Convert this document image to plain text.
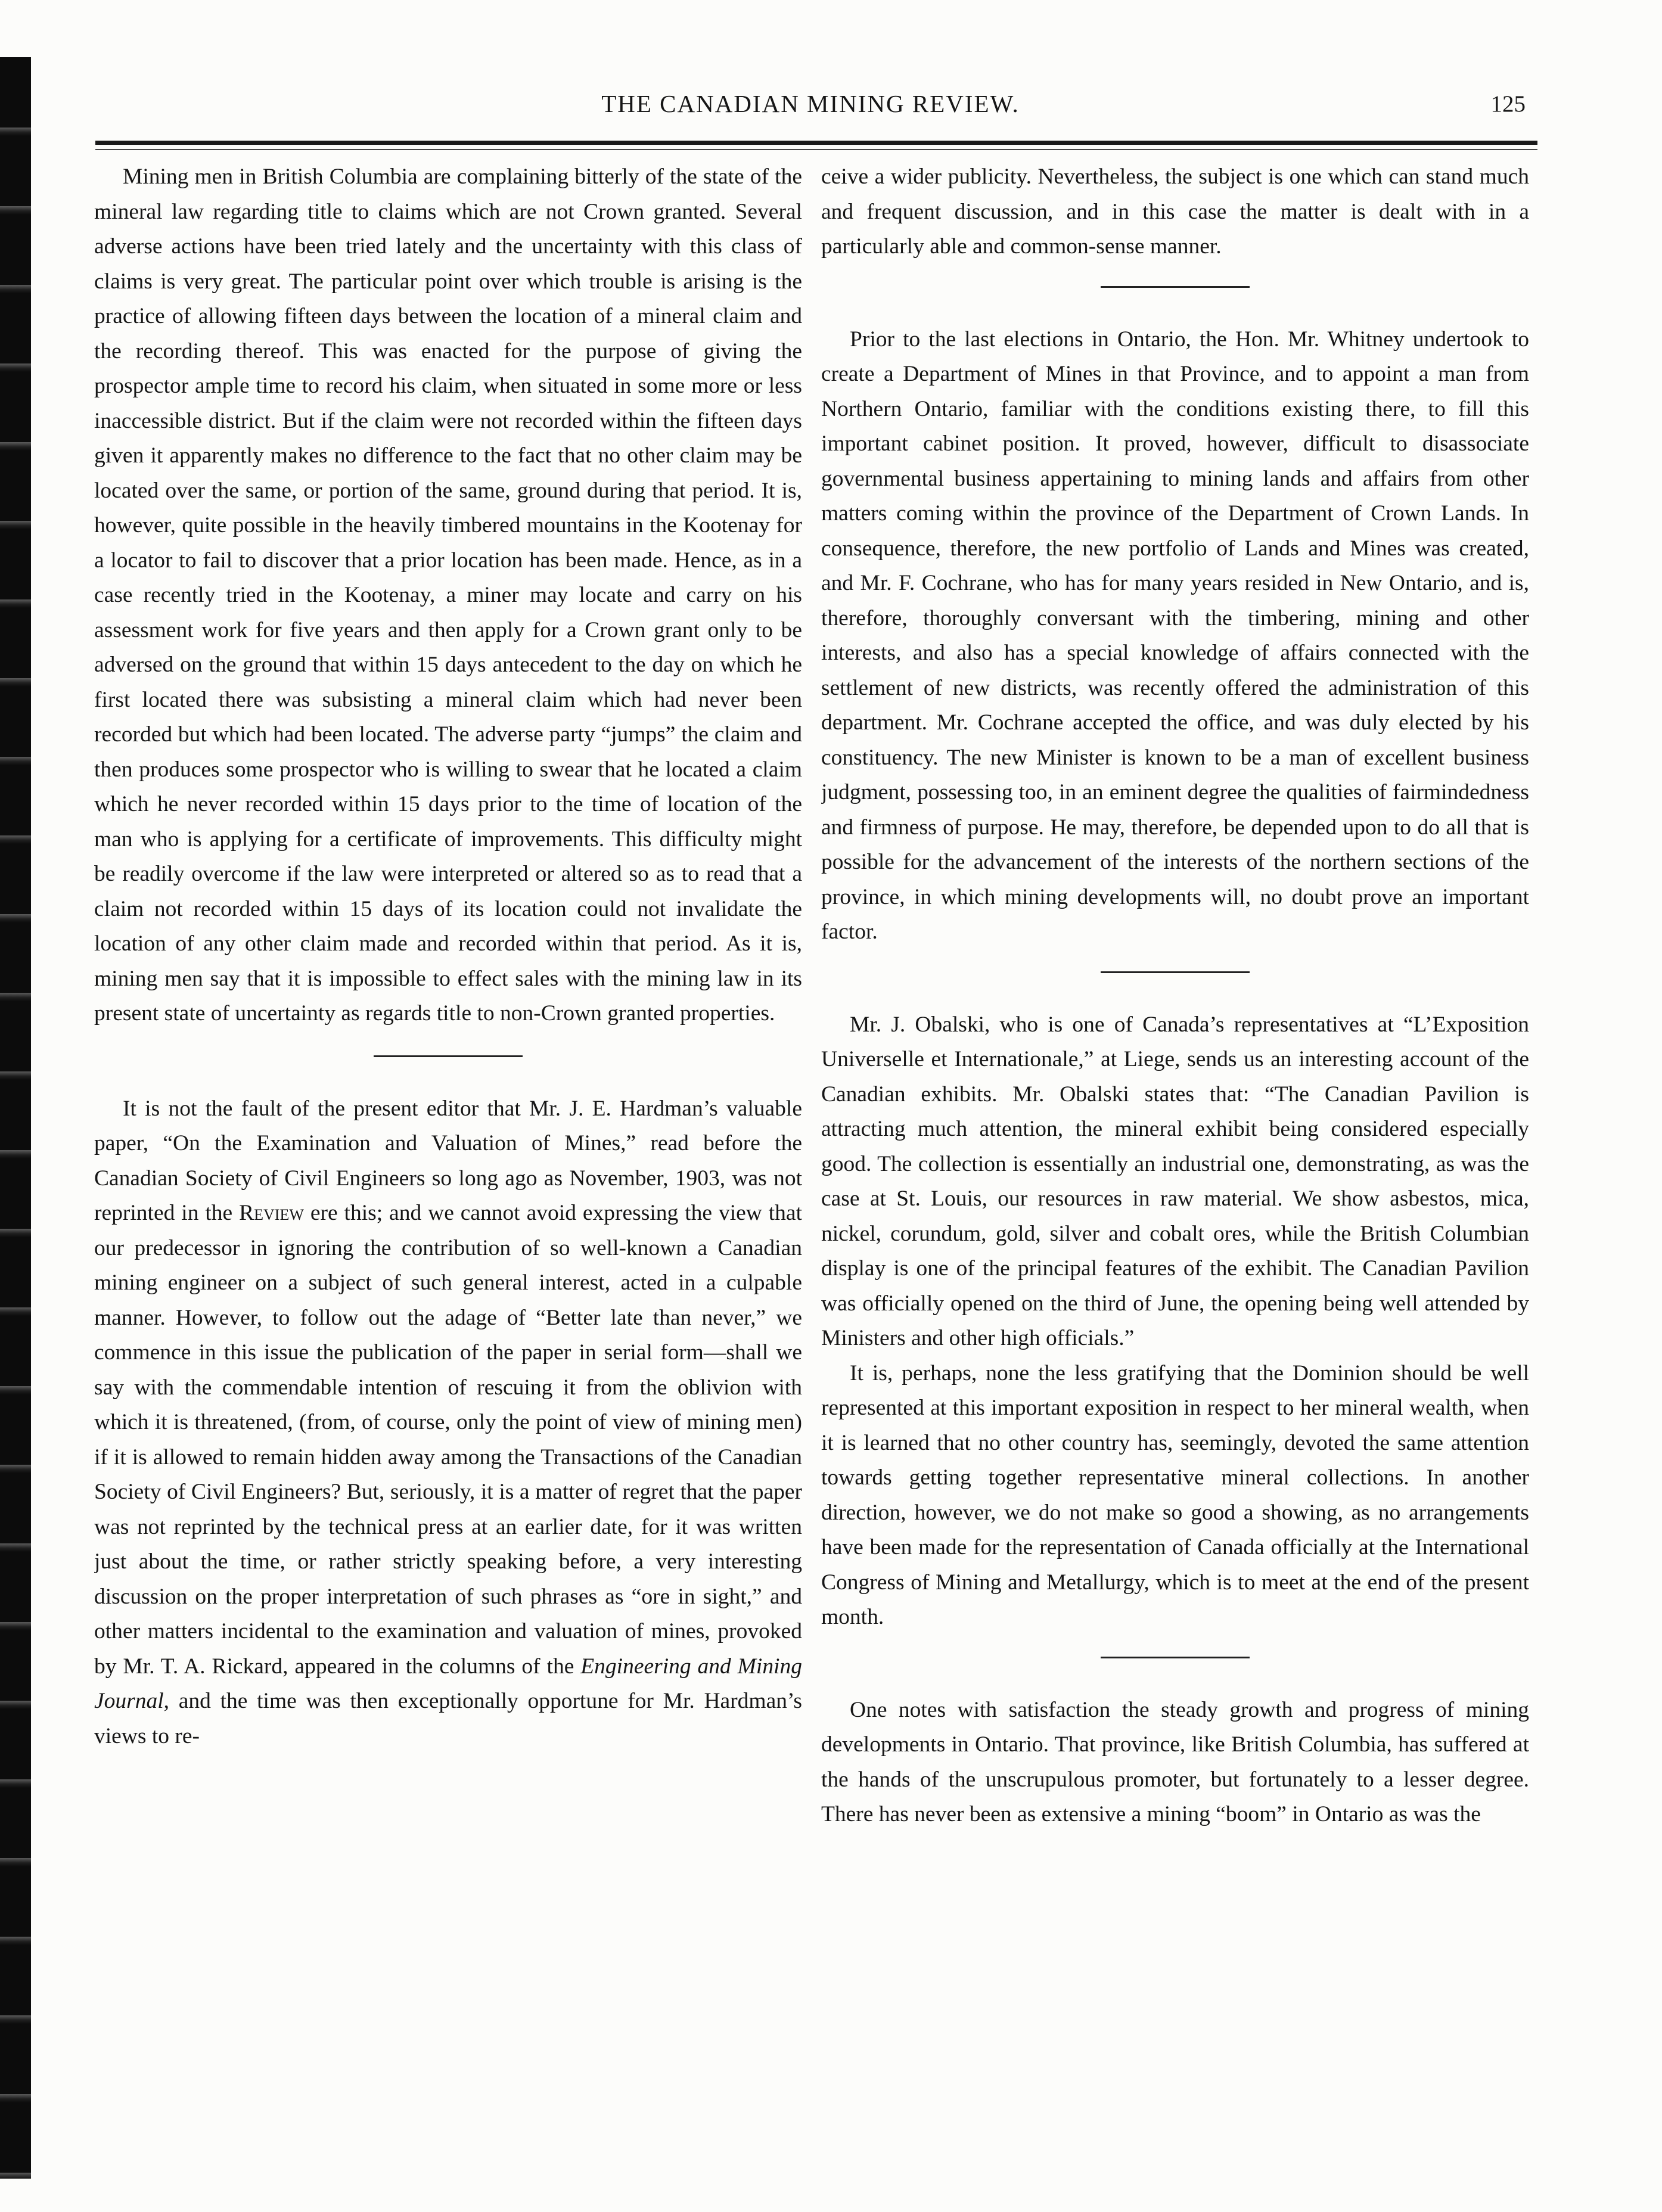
THE CANADIAN MINING REVIEW.	125

Mining men in British Columbia are complaining bitterly of the state of the mineral law regarding title to claims which are not Crown granted. Several adverse actions have been tried lately and the uncertainty with this class of claims is very great. The particular point over which trouble is arising is the practice of allowing fifteen days between the location of a mineral claim and the recording thereof. This was enacted for the purpose of giving the prospector ample time to record his claim, when situated in some more or less inaccessible district. But if the claim were not recorded within the fifteen days given it apparently makes no difference to the fact that no other claim may be located over the same, or portion of the same, ground during that period. It is, however, quite possible in the heavily timbered mountains in the Kootenay for a locator to fail to discover that a prior location has been made. Hence, as in a case recently tried in the Kootenay, a miner may locate and carry on his assessment work for five years and then apply for a Crown grant only to be adversed on the ground that within 15 days antecedent to the day on which he first located there was subsisting a mineral claim which had never been recorded but which had been located. The adverse party “jumps” the claim and then produces some prospector who is willing to swear that he located a claim which he never recorded within 15 days prior to the time of location of the man who is applying for a certificate of improvements. This difficulty might be readily overcome if the law were interpreted or altered so as to read that a claim not recorded within 15 days of its location could not invalidate the location of any other claim made and recorded within that period. As it is, mining men say that it is impossible to effect sales with the mining law in its present state of uncertainty as regards title to non-Crown granted properties.

It is not the fault of the present editor that Mr. J. E. Hardman’s valuable paper, “On the Examination and Valuation of Mines,” read before the Canadian Society of Civil Engineers so long ago as November, 1903, was not reprinted in the Review ere this; and we cannot avoid expressing the view that our predecessor in ignoring the contribution of so well-known a Canadian mining engineer on a subject of such general interest, acted in a culpable manner. However, to follow out the adage of “Better late than never,” we commence in this issue the publication of the paper in serial form—shall we say with the commendable intention of rescuing it from the oblivion with which it is threatened, (from, of course, only the point of view of mining men) if it is allowed to remain hidden away among the Transactions of the Canadian Society of Civil Engineers? But, seriously, it is a matter of regret that the paper was not reprinted by the technical press at an earlier date, for it was written just about the time, or rather strictly speaking before, a very interesting discussion on the proper interpretation of such phrases as “ore in sight,” and other matters incidental to the examination and valuation of mines, provoked by Mr. T. A. Rickard, appeared in the columns of the Engineering and Mining Journal, and the time was then exceptionally opportune for Mr. Hardman’s views to re-

ceive a wider publicity. Nevertheless, the subject is one which can stand much and frequent discussion, and in this case the matter is dealt with in a particularly able and common-sense manner.

Prior to the last elections in Ontario, the Hon. Mr. Whitney undertook to create a Department of Mines in that Province, and to appoint a man from Northern Ontario, familiar with the conditions existing there, to fill this important cabinet position. It proved, however, difficult to disassociate governmental business appertaining to mining lands and affairs from other matters coming within the province of the Department of Crown Lands. In consequence, therefore, the new portfolio of Lands and Mines was created, and Mr. F. Cochrane, who has for many years resided in New Ontario, and is, therefore, thoroughly conversant with the timbering, mining and other interests, and also has a special knowledge of affairs connected with the settlement of new districts, was recently offered the administration of this department. Mr. Cochrane accepted the office, and was duly elected by his constituency. The new Minister is known to be a man of excellent business judgment, possessing too, in an eminent degree the qualities of fairmindedness and firmness of purpose. He may, therefore, be depended upon to do all that is possible for the advancement of the interests of the northern sections of the province, in which mining developments will, no doubt prove an important factor.

Mr. J. Obalski, who is one of Canada’s representatives at “L’Exposition Universelle et Internationale,” at Liege, sends us an interesting account of the Canadian exhibits. Mr. Obalski states that: “The Canadian Pavilion is attracting much attention, the mineral exhibit being considered especially good. The collection is essentially an industrial one, demonstrating, as was the case at St. Louis, our resources in raw material. We show asbestos, mica, nickel, corundum, gold, silver and cobalt ores, while the British Columbian display is one of the principal features of the exhibit. The Canadian Pavilion was officially opened on the third of June, the opening being well attended by Ministers and other high officials.”

It is, perhaps, none the less gratifying that the Dominion should be well represented at this important exposition in respect to her mineral wealth, when it is learned that no other country has, seemingly, devoted the same attention towards getting together representative mineral collections. In another direction, however, we do not make so good a showing, as no arrangements have been made for the representation of Canada officially at the International Congress of Mining and Metallurgy, which is to meet at the end of the present month.

One notes with satisfaction the steady growth and progress of mining developments in Ontario. That province, like British Columbia, has suffered at the hands of the unscrupulous promoter, but fortunately to a lesser degree. There has never been as extensive a mining “boom” in Ontario as was the
